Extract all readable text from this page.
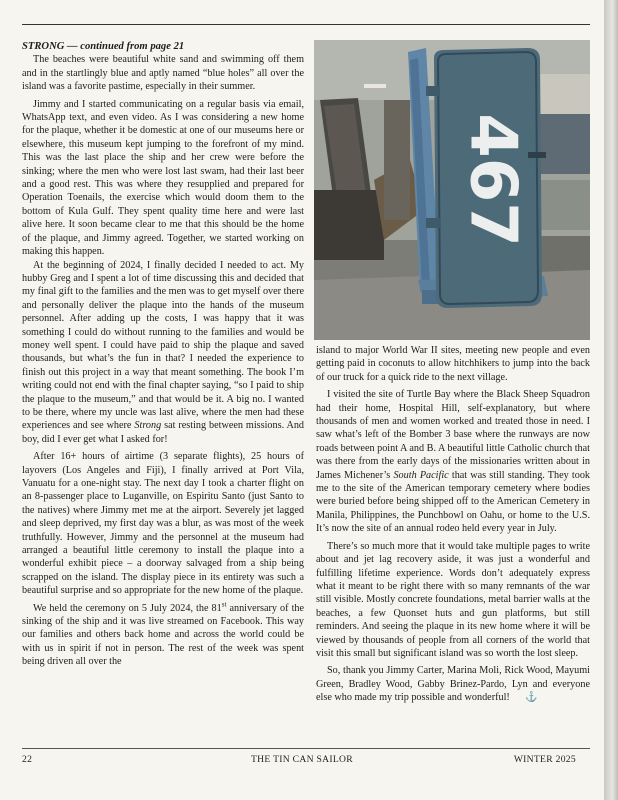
STRONG — continued from page 21

The beaches were beautiful white sand and swimming off them and in the startlingly blue and aptly named “blue holes” all over the island was a favorite pastime, especially in their summer.

Jimmy and I started communicating on a regular basis via email, WhatsApp text, and even video. As I was considering a new home for the plaque, whether it be domestic at one of our museums here or elsewhere, this museum kept jumping to the forefront of my mind. This was the last place the ship and her crew were before the sinking; where the men who were lost last swam, had their last beer and a good rest. This was where they resupplied and prepared for Operation Toenails, the exercise which would doom them to the bottom of Kula Gulf. They spent quality time here and were last alive here. It soon became clear to me that this should be the home of the plaque, and Jimmy agreed. Together, we started working on making this happen.

At the beginning of 2024, I finally decided I needed to act. My hubby Greg and I spent a lot of time discussing this and decided that my final gift to the families and the men was to get myself over there and personally deliver the plaque into the hands of the museum personnel. After adding up the costs, I was happy that it was something I could do without running to the families and would be money well spent. I could have paid to ship the plaque and saved thousands, but what’s the fun in that? I needed the experience to finish out this project in a way that meant something. The book I’m writing could not end with the final chapter saying, “so I paid to ship the plaque to the museum,” and that would be it. A big no. I wanted to be there, where my uncle was last alive, where the men had these experiences and see where Strong sat resting between missions. And boy, did I ever get what I asked for!

After 16+ hours of airtime (3 separate flights), 25 hours of layovers (Los Angeles and Fiji), I finally arrived at Port Vila, Vanuatu for a one-night stay. The next day I took a charter flight on an 8-passenger place to Luganville, on Espiritu Santo (just Santo to the natives) where Jimmy met me at the airport. Severely jet lagged and sleep deprived, my first day was a blur, as was most of the week truthfully. However, Jimmy and the personnel at the museum had arranged a beautiful little ceremony to install the plaque into a wonderful exhibit piece – a doorway salvaged from a ship being scrapped on the island. The display piece in its entirety was such a beautiful surprise and so appropriate for the new home of the plaque.

We held the ceremony on 5 July 2024, the 81st anniversary of the sinking of the ship and it was live streamed on Facebook. This way our families and others back home and across the world could be with us in spirit if not in person. The rest of the week was spent being driven all over the

467

island to major World War II sites, meeting new people and even getting paid in coconuts to allow hitchhikers to jump into the back of our truck for a quick ride to the next village.

I visited the site of Turtle Bay where the Black Sheep Squadron had their home, Hospital Hill, self-explanatory, but where thousands of men and women worked and treated those in need. I saw what’s left of the Bomber 3 base where the runways are now roads between point A and B. A beautiful little Catholic church that was there from the early days of the missionaries written about in James Michener’s South Pacific that was still standing. They took me to the site of the American temporary cemetery where bodies were buried before being shipped off to the American Cemetery in Manila, Philippines, the Punchbowl on Oahu, or home to the U.S. It’s now the site of an annual rodeo held every year in July.

There’s so much more that it would take multiple pages to write about and jet lag recovery aside, it was just a wonderful and fulfilling lifetime experience. Words don’t adequately express what it meant to be right there with so many remnants of the war still visible. Mostly concrete foundations, metal barrier walls at the beaches, a few Quonset huts and gun platforms, but still reminders. And seeing the plaque in its new home where it will be viewed by thousands of people from all corners of the world that visit this small but significant island was so worth the lost sleep.

So, thank you Jimmy Carter, Marina Moli, Rick Wood, Mayumi Green, Bradley Wood, Gabby Brinez-Pardo, Lyn and everyone else who made my trip possible and wonderful! ⚓

22	THE TIN CAN SAILOR	WINTER 2025
